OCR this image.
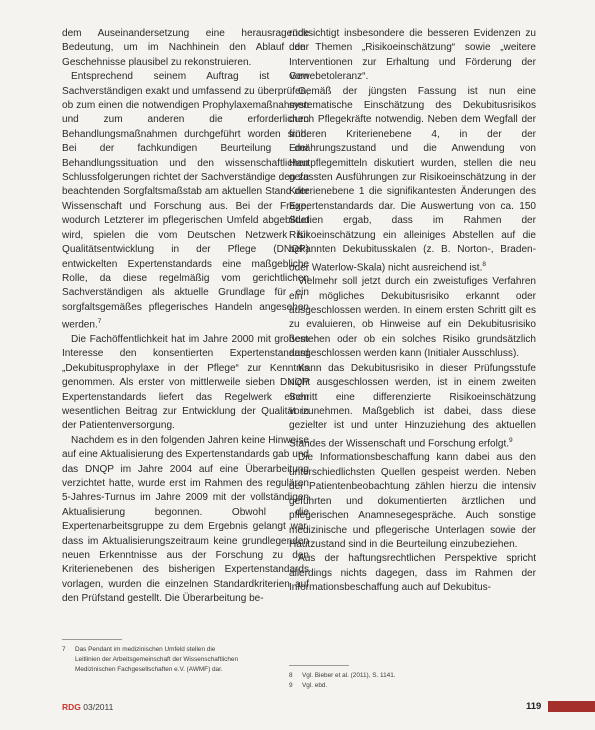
dem Auseinandersetzung eine herausragende Bedeutung, um im Nachhinein den Ablauf der Geschehnisse plausibel zu rekonstruieren.

Entsprechend seinem Auftrag ist vom Sachverständigen exakt und umfassend zu überprüfen, ob zum einen die notwendigen Prophylaxemaßnahmen und zum anderen die erforderlichen Behandlungsmaßnahmen durchgeführt worden sind. Bei der fachkundigen Beurteilung der Behandlungssituation und den wissenschaftlichen Schlussfolgerungen richtet der Sachverständige den zu beachtenden Sorgfaltsmaßstab am aktuellen Stand der Wissenschaft und Forschung aus. Bei der Frage, wodurch Letzterer im pflegerischen Umfeld abgebildet wird, spielen die vom Deutschen Netzwerk für Qualitätsentwicklung in der Pflege (DNQP) entwickelten Expertenstandards eine maßgebliche Rolle, da diese regelmäßig vom gerichtlichen Sachverständigen als aktuelle Grundlage für ein sorgfaltsgemäßes pflegerisches Handeln angesehen werden.$^7$

Die Fachöffentlichkeit hat im Jahre 2000 mit großem Interesse den konsentierten Expertenstandard „Dekubitusprophylaxe in der Pflege“ zur Kenntnis genommen. Als erster von mittlerweile sieben DNQP Expertenstandards liefert das Regelwerk einen wesentlichen Beitrag zur Entwicklung der Qualität in der Patientenversorgung.

Nachdem es in den folgenden Jahren keine Hinweise auf eine Aktualisierung des Expertenstandards gab und das DNQP im Jahre 2004 auf eine Überarbeitung verzichtet hatte, wurde erst im Rahmen des regulären 5-Jahres-Turnus im Jahre 2009 mit der vollständigen Aktualisierung begonnen. Obwohl die Expertenarbeitsgruppe zu dem Ergebnis gelangt war, dass im Aktualisierungszeitraum keine grundlegenden neuen Erkenntnisse aus der Forschung zu den Kriterienebenen des bisherigen Expertenstandards vorlagen, wurden die einzelnen Standardkriterien auf den Prüfstand gestellt. Die Überarbeitung be-

rücksichtigt insbesondere die besseren Evidenzen zu den Themen „Risikoeinschätzung“ sowie „weitere Interventionen zur Erhaltung und Förderung der Gewebetoleranz“.

Gemäß der jüngsten Fassung ist nun eine systematische Einschätzung des Dekubitusrisikos durch Pflegekräfte notwendig. Neben dem Wegfall der früheren Kriterienebene 4, in der der Ernährungszustand und die Anwendung von Hautpflegemitteln diskutiert wurden, stellen die neu gefassten Ausführungen zur Risikoeinschätzung in der Kriterienebene 1 die signifikantesten Änderungen des Expertenstandards dar. Die Auswertung von ca. 150 Studien ergab, dass im Rahmen der Risikoeinschätzung ein alleiniges Abstellen auf die bekannten Dekubitusskalen (z. B. Norton-, Braden- oder Waterlow-Skala) nicht ausreichend ist.$^8$

Vielmehr soll jetzt durch ein zweistufiges Verfahren ein mögliches Dekubitusrisiko erkannt oder ausgeschlossen werden. In einem ersten Schritt gilt es zu evaluieren, ob Hinweise auf ein Dekubitusrisiko bestehen oder ob ein solches Risiko grundsätzlich ausgeschlossen werden kann (Initialer Ausschluss).

Kann das Dekubitusrisiko in dieser Prüfungsstufe nicht ausgeschlossen werden, ist in einem zweiten Schritt eine differenzierte Risikoeinschätzung vorzunehmen. Maßgeblich ist dabei, dass diese gezielter ist und unter Hinzuziehung des aktuellen Standes der Wissenschaft und Forschung erfolgt.$^9$

Die Informationsbeschaffung kann dabei aus den unterschiedlichsten Quellen gespeist werden. Neben der Patientenbeobachtung zählen hierzu die intensiv geführten und dokumentierten ärztlichen und pflegerischen Anamnesegespräche. Auch sonstige medizinische und pflegerische Unterlagen sowie der Hautzustand sind in die Beurteilung einzubeziehen.

Aus der haftungsrechtlichen Perspektive spricht allerdings nichts dagegen, dass im Rahmen der Informationsbeschaffung auch auf Dekubitus-

7 Das Pendant im medizinischen Umfeld stellen die Leitlinien der Arbeitsgemeinschaft der Wissenschaftlichen Medizinischen Fachgesellschaften e.V. (AWMF) dar.
8 Vgl. Bieber et al. (2011), S. 1141.
9 Vgl. ebd.
RDG 03/2011	119
